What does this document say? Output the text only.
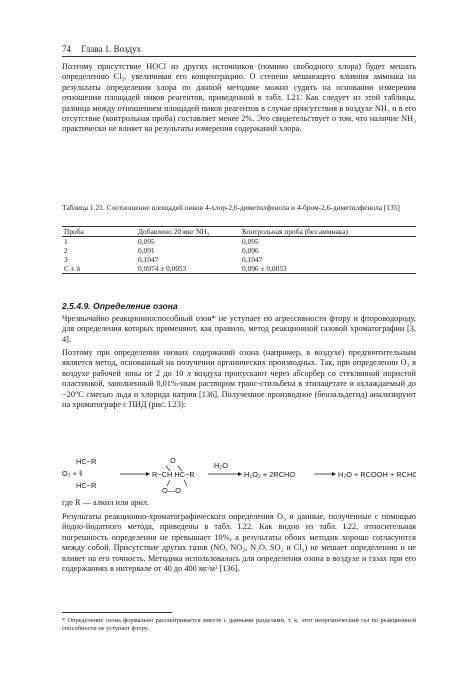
74 Глава 1. Воздух

Поэтому присутствие HOCl из других источников (помимо свободного хлора) будет мешать определению Cl₂, увеличивая его концентрацию. О степени мешающего влияния аммиака на результаты определения хлора по данной методике можно судить на основании измерения отношения площадей пиков реагентов, приведенной в табл. I.21. Как следует из этой таблицы, разница между отношением площадей пиков реагентов в случае присутствия в воздухе NH₃ и в его отсутствие (контрольная проба) составляет менее 2%. Это свидетельствует о том, что наличие NH₃ практически не влияет на результаты измерения содержаний хлора.

Таблица 1.21. Соотношение площадей пиков 4-хлор-2,6-диметилфенола и 4-бром-2,6-диметилфенола [135]
Проба	Добавлено 20 мкг NH₃	Контрольная проба (без аммиака)
1	0,095	0,095
2	0,091	0,096
3	0,1047	0,1047
C ± δ	0,0974 ± 0,0053	0,096 ± 0,0053
2.5.4.9. Определение озона

Чрезвычайно реакционноспособный озон* не уступает по агрессивности фтору и фтороводороду, для определения которых применяют, как правило, метод реакционной газовой хроматографии [3, 4].

Поэтому при определении низких содержаний озона (например, в воздухе) предпочтительным является метод, основанный на получении органических производных. Так, при определении O₃ в воздухе рабочей зоны от 2 до 10 л воздуха пропускают через абсорбер со стеклянной пористой пластинкой, заполненный 0,01%-ным раствором транс-стильбена в этилацетате и охлаждаемый до −20°C смесью льда и хлорида натрия [136]. Полученное производное (бензальдегид) анализируют на хроматографе с ПИД (рис. I.23):

HC−R
O₃ + ‖
HC−R
O
R−CH HC−R
O—O
H₂O
H₂O₂ + 2RCHO	H₂O + RCOOH + RCHO

где R — алкил или арил.

Результаты реакционно-хроматографического определения O₃ и данные, полученные с помощью йодно-йодатного метода, приведены в табл. I.22. Как видно из табл. I.22, относительная погрешность определения не превышает 10%, а результаты обоих методик хорошо согласуются между собой. Присутствие других газов (NO, NO₂, N₂O, SO₂ и Cl₂) не мешает определению и не влияет на его точность. Методика использовалась для определения озона в воздухе и газах при его содержаниях в интервале от 40 до 400 мг/м³ [136].

* Определение озона формально рассматривается вместе с данными разделами, т. к. этот неорганический газ по реакционной способности не уступает фтору.
